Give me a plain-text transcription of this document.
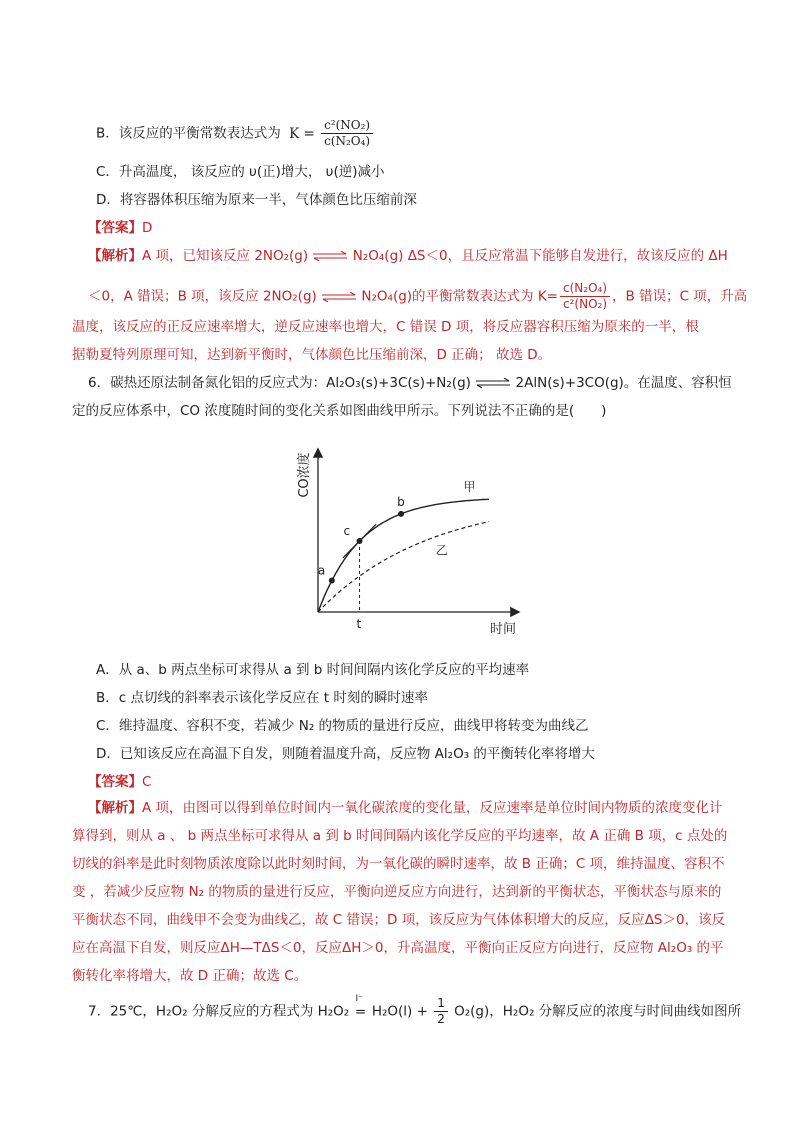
B．该反应的平衡常数表达式为 $K = \frac{\text{c²(NO₂)}}{\text{c(N₂O₄)}}$
C．升高温度， 该反应的 υ(正)增大， υ(逆)减小
D．将容器体积压缩为原来一半，气体颜色比压缩前深
【答案】D
【解析】A 项，已知该反应 2NO₂(g) ⇌ N₂O₄(g) ΔS＜0，且反应常温下能够自发进行，故该反应的 ΔH
＜0，A 错误；B 项，该反应 2NO₂(g) ⇌ N₂O₄(g)的平衡常数表达式为 $K= \frac{\text{c(N₂O₄)}}{\text{c²(NO₂)}}$ ，B 错误；C 项，升高
温度，该反应的正反应速率增大，逆反应速率也增大，C 错误 D 项，将反应器容积压缩为原来的一半，根
据勒夏特列原理可知，达到新平衡时，气体颜色比压缩前深，D 正确； 故选 D。
6．碳热还原法制备氮化铝的反应式为：Al₂O₃(s)+3C(s)+N₂(g) ⇌ 2AlN(s)+3CO(g)。在温度、容积恒
定的反应体系中，CO 浓度随时间的变化关系如图曲线甲所示。下列说法不正确的是(　　)
CO浓度
时间
a
b
c
t
甲
乙
A．从 a、b 两点坐标可求得从 a 到 b 时间间隔内该化学反应的平均速率
B．c 点切线的斜率表示该化学反应在 t 时刻的瞬时速率
C．维持温度、容积不变，若减少 N₂ 的物质的量进行反应，曲线甲将转变为曲线乙
D．已知该反应在高温下自发，则随着温度升高，反应物 Al₂O₃ 的平衡转化率将增大
【答案】C
【解析】A 项，由图可以得到单位时间内一氧化碳浓度的变化量，反应速率是单位时间内物质的浓度变化计算得到，则从 a 、 b 两点坐标可求得从 a 到 b 时间间隔内该化学反应的平均速率，故 A 正确 B 项，c 点处的切线的斜率是此时刻物质浓度除以此时刻时间，为一氧化碳的瞬时速率，故 B 正确；C 项，维持温度、容积不变 ，若减少反应物 N₂ 的物质的量进行反应，平衡向逆反应方向进行，达到新的平衡状态，平衡状态与原来的平衡状态不同，曲线甲不会变为曲线乙，故 C 错误；D 项，该反应为气体体积增大的反应，反应ΔS＞0，该反应在高温下自发，则反应ΔH—TΔS＜0，反应ΔH＞0，升高温度，平衡向正反应方向进行，反应物 Al₂O₃ 的平衡转化率将增大，故 D 正确；故选 C。
7．25℃，H₂O₂ 分解反应的方程式为 H₂O₂
I⁻
= $H_2O(l) + \frac{1}{2} O_2(g)$，H₂O₂ 分解反应的浓度与时间曲线如图所
